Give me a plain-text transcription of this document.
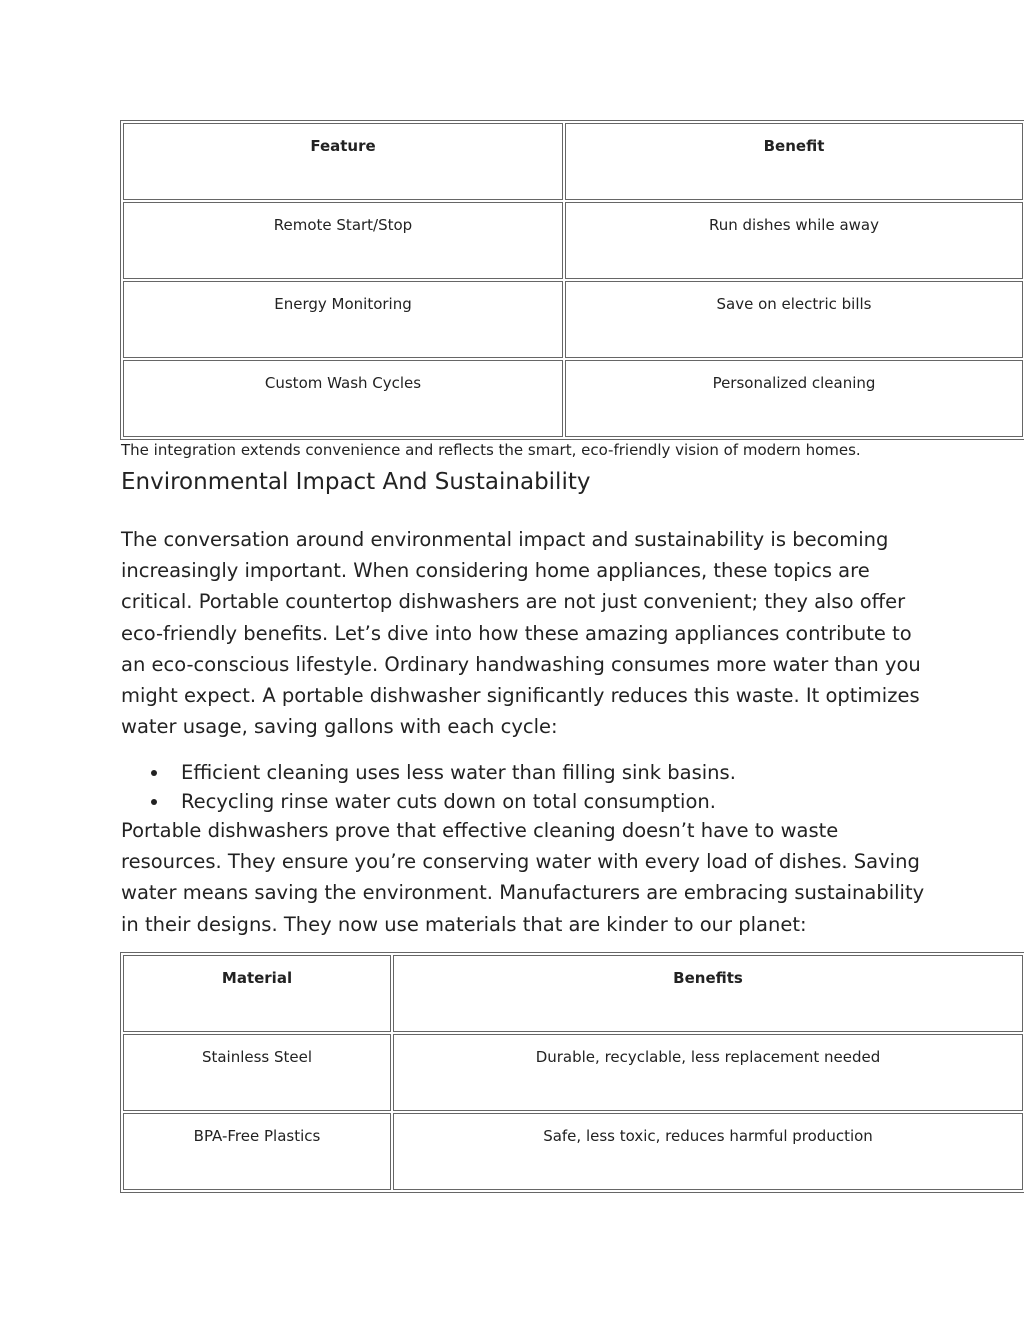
Feature	Benefit
Remote Start/Stop	Run dishes while away
Energy Monitoring	Save on electric bills
Custom Wash Cycles	Personalized cleaning
The integration extends convenience and reflects the smart, eco-friendly vision of modern homes.
Environmental Impact And Sustainability

The conversation around environmental impact and sustainability is becoming
increasingly important. When considering home appliances, these topics are
critical. Portable countertop dishwashers are not just convenient; they also offer
eco-friendly benefits. Let’s dive into how these amazing appliances contribute to
an eco-conscious lifestyle. Ordinary handwashing consumes more water than you
might expect. A portable dishwasher significantly reduces this waste. It optimizes
water usage, saving gallons with each cycle:

Efficient cleaning uses less water than filling sink basins.
Recycling rinse water cuts down on total consumption.

Portable dishwashers prove that effective cleaning doesn’t have to waste
resources. They ensure you’re conserving water with every load of dishes. Saving
water means saving the environment. Manufacturers are embracing sustainability
in their designs. They now use materials that are kinder to our planet:

Material	Benefits
Stainless Steel	Durable, recyclable, less replacement needed
BPA-Free Plastics	Safe, less toxic, reduces harmful production
